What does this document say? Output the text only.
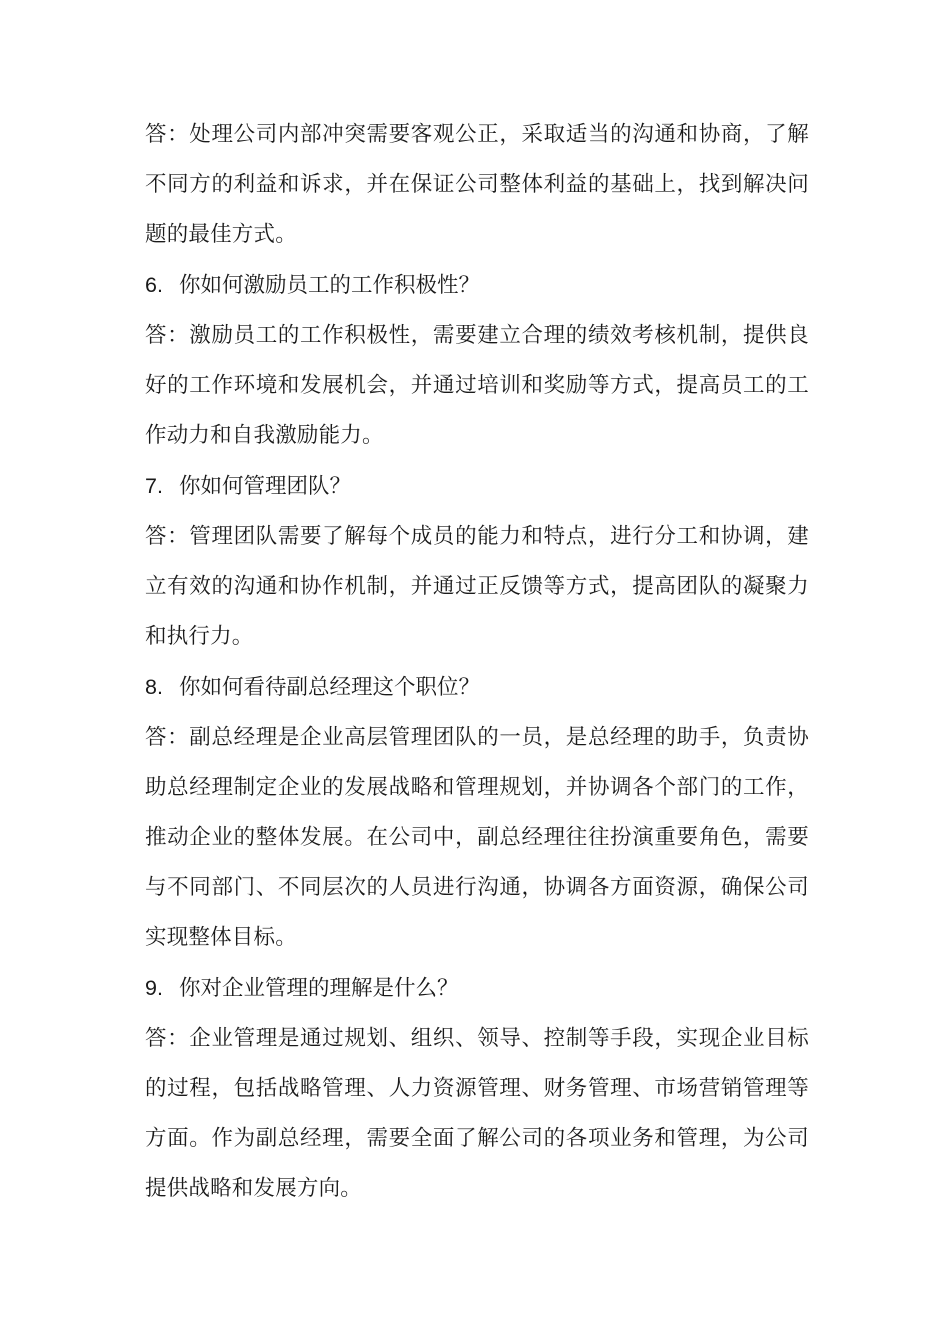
答：处理公司内部冲突需要客观公正，采取适当的沟通和协商，了解不同方的利益和诉求，并在保证公司整体利益的基础上，找到解决问题的最佳方式。

6. 你如何激励员工的工作积极性？

答：激励员工的工作积极性，需要建立合理的绩效考核机制，提供良好的工作环境和发展机会，并通过培训和奖励等方式，提高员工的工作动力和自我激励能力。

7. 你如何管理团队？

答：管理团队需要了解每个成员的能力和特点，进行分工和协调，建立有效的沟通和协作机制，并通过正反馈等方式，提高团队的凝聚力和执行力。

8. 你如何看待副总经理这个职位？

答：副总经理是企业高层管理团队的一员，是总经理的助手，负责协助总经理制定企业的发展战略和管理规划，并协调各个部门的工作，推动企业的整体发展。在公司中，副总经理往往扮演重要角色，需要与不同部门、不同层次的人员进行沟通，协调各方面资源，确保公司实现整体目标。

9. 你对企业管理的理解是什么？

答：企业管理是通过规划、组织、领导、控制等手段，实现企业目标的过程，包括战略管理、人力资源管理、财务管理、市场营销管理等方面。作为副总经理，需要全面了解公司的各项业务和管理，为公司提供战略和发展方向。
